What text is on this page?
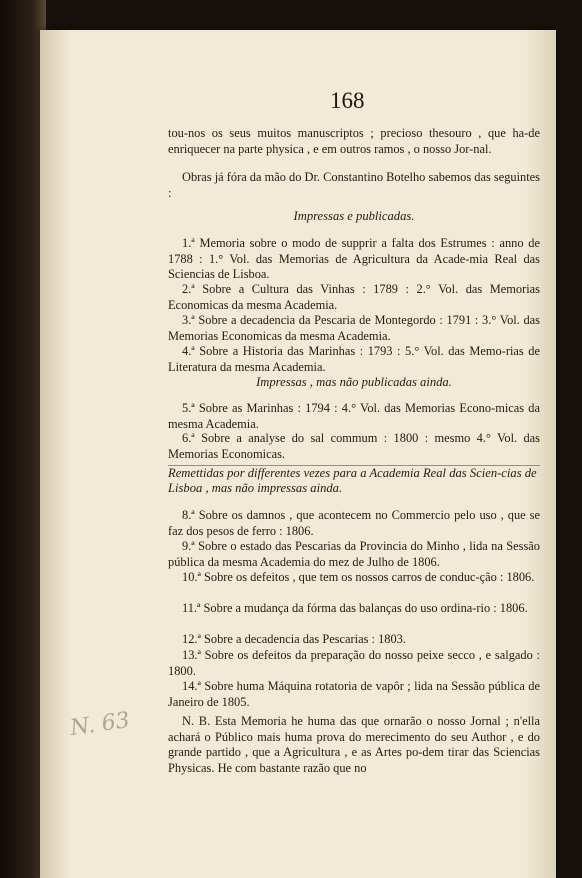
168
tou-nos os seus muitos manuscriptos ; precioso thesouro , que ha-de enriquecer na parte physica , e em outros ramos , o nosso Jor-nal.
Obras já fóra da mão do Dr. Constantino Botelho sabemos das seguintes :
Impressas e publicadas.
1.ª Memoria sobre o modo de supprir a falta dos Estrumes : anno de 1788 : 1.° Vol. das Memorias de Agricultura da Acade-mia Real das Sciencias de Lisboa.
2.ª Sobre a Cultura das Vinhas : 1789 : 2.° Vol. das Memorias Economicas da mesma Academia.
3.ª Sobre a decadencia da Pescaria de Montegordo : 1791 : 3.° Vol. das Memorias Economicas da mesma Academia.
4.ª Sobre a Historia das Marinhas : 1793 : 5.° Vol. das Memo-rias de Literatura da mesma Academia.
Impressas , mas não publicadas ainda.
5.ª Sobre as Marinhas : 1794 : 4.° Vol. das Memorias Econo-micas da mesma Academia.
6.ª Sobre a analyse do sal commum : 1800 : mesmo 4.° Vol. das Memorias Economicas.
Remettidas por differentes vezes para a Academia Real das Scien-cias de Lisboa , mas não impressas ainda.
8.ª Sobre os damnos , que acontecem no Commercio pelo uso , que se faz dos pesos de ferro : 1806.
9.ª Sobre o estado das Pescarias da Provincia do Minho , lida na Sessão pública da mesma Academia do mez de Julho de 1806.
10.ª Sobre os defeitos , que tem os nossos carros de conduc-ção : 1806.
11.ª Sobre a mudança da fórma das balanças do uso ordina-rio : 1806.
12.ª Sobre a decadencia das Pescarias : 1803.
13.ª Sobre os defeitos da preparação do nosso peixe secco , e salgado : 1800.
14.ª Sobre huma Máquina rotatoria de vapôr ; lida na Sessão pública de Janeiro de 1805.
N. B. Esta Memoria he huma das que ornarão o nosso Jornal ; n'ella achará o Público mais huma prova do merecimento do seu Author , e do grande partido , que a Agricultura , e as Artes po-dem tirar das Sciencias Physicas. He com bastante razão que no
N. 63
